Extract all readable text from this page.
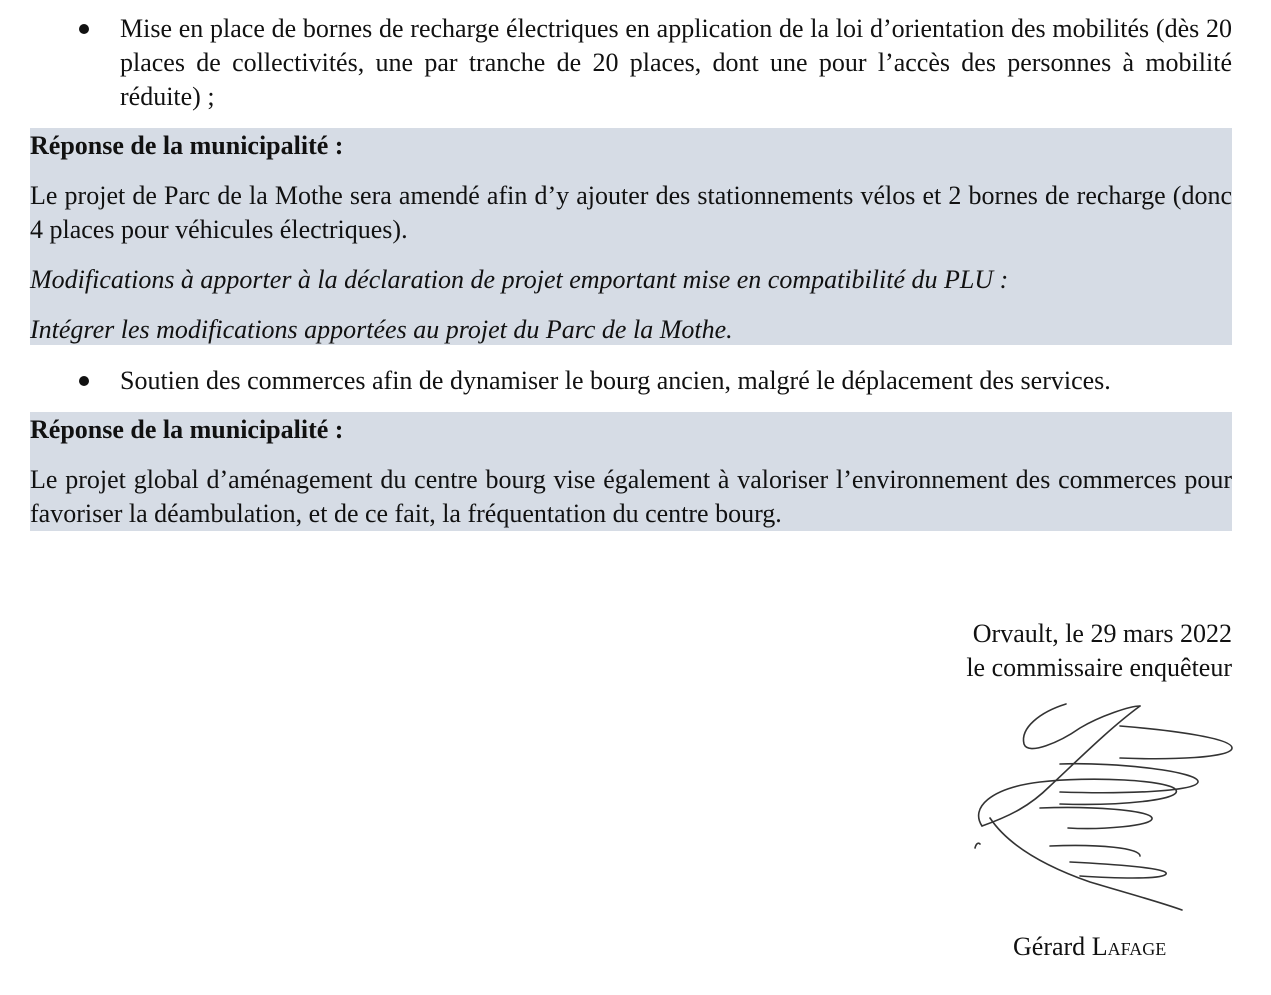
Mise en place de bornes de recharge électriques en application de la loi d’orientation des mobilités (dès 20 places de collectivités, une par tranche de 20 places, dont une pour l’accès des personnes à mobilité réduite) ;

Réponse de la municipalité :

Le projet de Parc de la Mothe sera amendé afin d’y ajouter des stationnements vélos et 2 bornes de recharge (donc 4 places pour véhicules électriques).

Modifications à apporter à la déclaration de projet emportant mise en compatibilité du PLU :

Intégrer les modifications apportées au projet du Parc de la Mothe.

Soutien des commerces afin de dynamiser le bourg ancien, malgré le déplacement des services.

Réponse de la municipalité :

Le projet global d’aménagement du centre bourg vise également à valoriser l’environnement des commerces pour favoriser la déambulation, et de ce fait, la fréquentation du centre bourg.

Orvault, le 29 mars 2022
le commissaire enquêteur
Gérard Lafage
